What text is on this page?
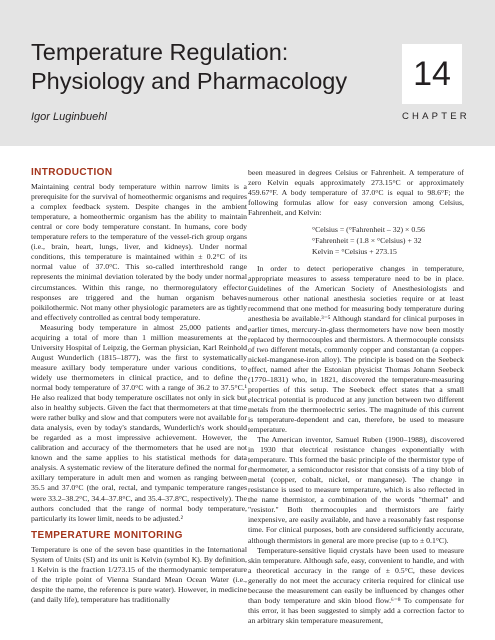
Temperature Regulation:
Physiology and Pharmacology
Igor Luginbuehl
14
CHAPTER
INTRODUCTION

Maintaining central body temperature within narrow limits is a prerequisite for the survival of homeothermic organisms and requires a complex feedback system. Despite changes in the ambient temperature, a homeothermic organism has the ability to maintain central or core body temperature constant. In humans, core body temperature refers to the temperature of the vessel-rich group organs (i.e., brain, heart, lungs, liver, and kidneys). Under normal conditions, this temperature is maintained within ± 0.2°C of its normal value of 37.0°C. This so-called interthreshold range represents the minimal deviation tolerated by the body under normal circumstances. Within this range, no thermoregulatory effector responses are triggered and the human organism behaves poikilothermic. Not many other physiologic parameters are as tightly and effectively controlled as central body temperature.

Measuring body temperature in almost 25,000 patients and acquiring a total of more than 1 million measurements at the University Hospital of Leipzig, the German physician, Karl Reinhold August Wunderlich (1815–1877), was the first to systematically measure axillary body temperature under various conditions, to widely use thermometers in clinical practice, and to define the normal body temperature of 37.0°C with a range of 36.2 to 37.5°C.¹ He also realized that body temperature oscillates not only in sick but also in healthy subjects. Given the fact that thermometers at that time were rather bulky and slow and that computers were not available for data analysis, even by today's standards, Wunderlich's work should be regarded as a most impressive achievement. However, the calibration and accuracy of the thermometers that he used are not known and the same applies to his statistical methods for data analysis. A systematic review of the literature defined the normal for axillary temperature in adult men and women as ranging between 35.5 and 37.0°C (the oral, rectal, and tympanic temperature ranges were 33.2–38.2°C, 34.4–37.8°C, and 35.4–37.8°C, respectively). The authors concluded that the range of normal body temperature, particularly its lower limit, needs to be adjusted.²

TEMPERATURE MONITORING

Temperature is one of the seven base quantities in the International System of Units (SI) and its unit is Kelvin (symbol K). By definition, 1 Kelvin is the fraction 1/273.15 of the thermodynamic temperature of the triple point of Vienna Standard Mean Ocean Water (i.e., despite the name, the reference is pure water). However, in medicine (and daily life), temperature has traditionally

been measured in degrees Celsius or Fahrenheit. A temperature of zero Kelvin equals approximately 273.15°C or approximately 459.67°F. A body temperature of 37.0°C is equal to 98.6°F; the following formulas allow for easy conversion among Celsius, Fahrenheit, and Kelvin:

°Celsius = (°Fahrenheit – 32) × 0.56
°Fahrenheit = (1.8 × °Celsius) + 32
Kelvin = °Celsius + 273.15

In order to detect perioperative changes in temperature, appropriate measures to assess temperature need to be in place. Guidelines of the American Society of Anesthesiologists and numerous other national anesthesia societies require or at least recommend that one method for measuring body temperature during anesthesia be available.³⁻⁵ Although standard for clinical purposes in earlier times, mercury-in-glass thermometers have now been mostly replaced by thermocouples and thermistors. A thermocouple consists of two different metals, commonly copper and constantan (a copper-nickel-manganese-iron alloy). The principle is based on the Seebeck effect, named after the Estonian physicist Thomas Johann Seebeck (1770–1831) who, in 1821, discovered the temperature-measuring properties of this setup. The Seebeck effect states that a small electrical potential is produced at any junction between two different metals from the thermoelectric series. The magnitude of this current is temperature-dependent and can, therefore, be used to measure temperature.

The American inventor, Samuel Ruben (1900–1988), discovered in 1930 that electrical resistance changes exponentially with temperature. This formed the basic principle of the thermistor type of thermometer, a semiconductor resistor that consists of a tiny blob of metal (copper, cobalt, nickel, or manganese). The change in resistance is used to measure temperature, which is also reflected in the name thermistor, a combination of the words "thermal" and "resistor." Both thermocouples and thermistors are fairly inexpensive, are easily available, and have a reasonably fast response time. For clinical purposes, both are considered sufficiently accurate, although thermistors in general are more precise (up to ± 0.1°C).

Temperature-sensitive liquid crystals have been used to measure skin temperature. Although safe, easy, convenient to handle, and with a theoretical accuracy in the range of ± 0.5°C, these devices generally do not meet the accuracy criteria required for clinical use because the measurement can easily be influenced by changes other than body temperature and skin blood flow.⁶⁻⁸ To compensate for this error, it has been suggested to simply add a correction factor to an arbitrary skin temperature measurement,
